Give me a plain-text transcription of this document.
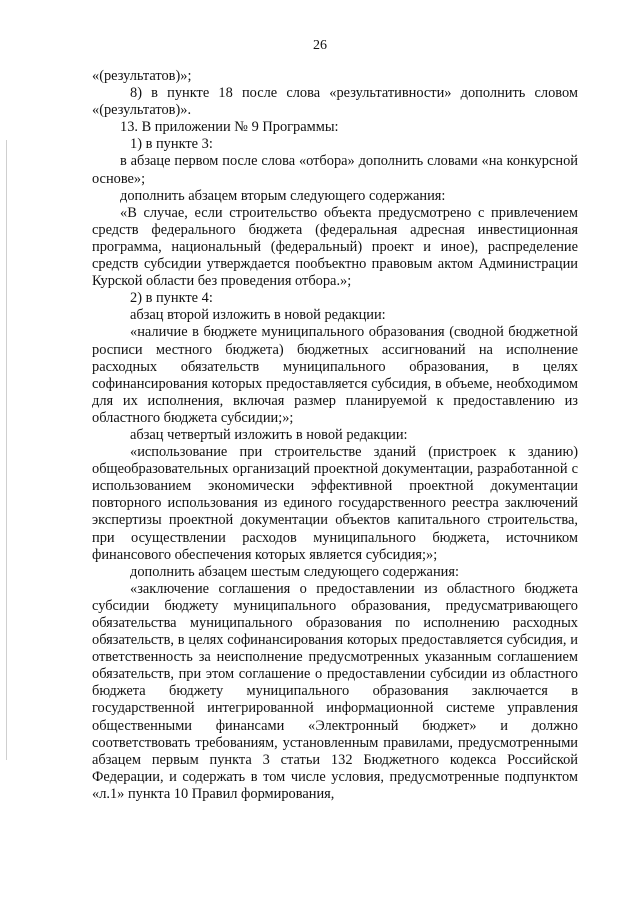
26

«(результатов)»;

8) в пункте 18 после слова «результативности» дополнить словом «(результатов)».

13. В приложении № 9 Программы:

1) в пункте 3:

в абзаце первом после слова «отбора» дополнить словами «на конкурсной основе»;

дополнить абзацем вторым следующего содержания:

«В случае, если строительство объекта предусмотрено с привлечением средств федерального бюджета (федеральная адресная инвестиционная программа, национальный (федеральный) проект и иное), распределение средств субсидии утверждается пообъектно правовым актом Администрации Курской области без проведения отбора.»;

2) в пункте 4:

абзац второй изложить в новой редакции:

«наличие в бюджете муниципального образования (сводной бюджетной росписи местного бюджета) бюджетных ассигнований на исполнение расходных обязательств муниципального образования, в целях софинансирования которых предоставляется субсидия, в объеме, необходимом для их исполнения, включая размер планируемой к предоставлению из областного бюджета субсидии;»;

абзац четвертый изложить в новой редакции:

«использование при строительстве зданий (пристроек к зданию) общеобразовательных организаций проектной документации, разработанной с использованием экономически эффективной проектной документации повторного использования из единого государственного реестра заключений экспертизы проектной документации объектов капитального строительства, при осуществлении расходов муниципального бюджета, источником финансового обеспечения которых является субсидия;»;

дополнить абзацем шестым следующего содержания:

«заключение соглашения о предоставлении из областного бюджета субсидии бюджету муниципального образования, предусматривающего обязательства муниципального образования по исполнению расходных обязательств, в целях софинансирования которых предоставляется субсидия, и ответственность за неисполнение предусмотренных указанным соглашением обязательств, при этом соглашение о предоставлении субсидии из областного бюджета бюджету муниципального образования заключается в государственной интегрированной информационной системе управления общественными финансами «Электронный бюджет» и должно соответствовать требованиям, установленным правилами, предусмотренными абзацем первым пункта 3 статьи 132 Бюджетного кодекса Российской Федерации, и содержать в том числе условия, предусмотренные подпунктом «л.1» пункта 10 Правил формирования,
